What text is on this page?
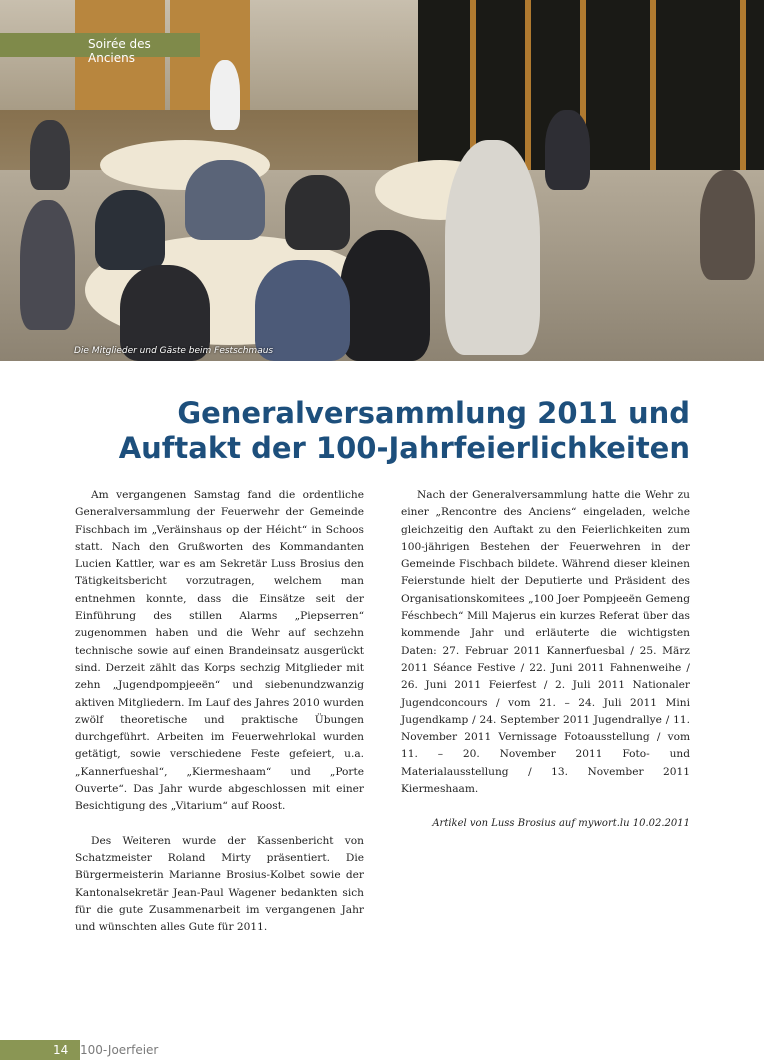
Soirée des Anciens
Die Mitglieder und Gäste beim Festschmaus
Generalversammlung 2011 und
Auftakt der 100-Jahrfeierlichkeiten

Am vergangenen Samstag fand die ordentliche Generalversammlung der Feuerwehr der Gemeinde Fischbach im „Veräinshaus op der Héicht“ in Schoos statt. Nach den Grußworten des Kommandanten Lucien Kattler, war es am Sekretär Luss Brosius den Tätigkeitsbericht vorzutragen, welchem man entnehmen konnte, dass die Einsätze seit der Einführung des stillen Alarms „Piepserren“ zugenommen haben und die Wehr auf sechzehn technische sowie auf einen Brandeinsatz ausgerückt sind. Derzeit zählt das Korps sechzig Mitglieder mit zehn „Jugendpompjeeën“ und siebenundzwanzig aktiven Mitgliedern. Im Lauf des Jahres 2010 wurden zwölf theoretische und praktische Übungen durchgeführt. Arbeiten im Feuerwehrlokal wurden getätigt, sowie verschiedene Feste gefeiert, u.a. „Kannerfueshal“, „Kiermeshaam“ und „Porte Ouverte“. Das Jahr wurde abgeschlossen mit einer Besichtigung des „Vitarium“ auf Roost.

Des Weiteren wurde der Kassenbericht von Schatzmeister Roland Mirty präsentiert. Die Bürgermeisterin Marianne Brosius-Kolbet sowie der Kantonalsekretär Jean-Paul Wagener bedankten sich für die gute Zusammenarbeit im vergangenen Jahr und wünschten alles Gute für 2011.

Nach der Generalversammlung hatte die Wehr zu einer „Rencontre des Anciens“ eingeladen, welche gleichzeitig den Auftakt zu den Feierlichkeiten zum 100-jährigen Bestehen der Feuerwehren in der Gemeinde Fischbach bildete. Während dieser kleinen Feierstunde hielt der Deputierte und Präsident des Organisationskomitees „100 Joer Pompjeeën Gemeng Féschbech“ Mill Majerus ein kurzes Referat über das kommende Jahr und erläuterte die wichtigsten Daten: 27. Februar 2011 Kannerfuesbal / 25. März 2011 Séance Festive / 22. Juni 2011 Fahnenweihe / 26. Juni 2011 Feierfest / 2. Juli 2011 Nationaler Jugendconcours / vom 21. – 24. Juli 2011 Mini Jugendkamp / 24. September 2011 Jugendrallye / 11. November 2011 Vernissage Fotoausstellung / vom 11. – 20. November 2011 Foto- und Materialausstellung / 13. November 2011 Kiermeshaam.

Artikel von Luss Brosius auf mywort.lu 10.02.2011

14 100-Joerfeier
